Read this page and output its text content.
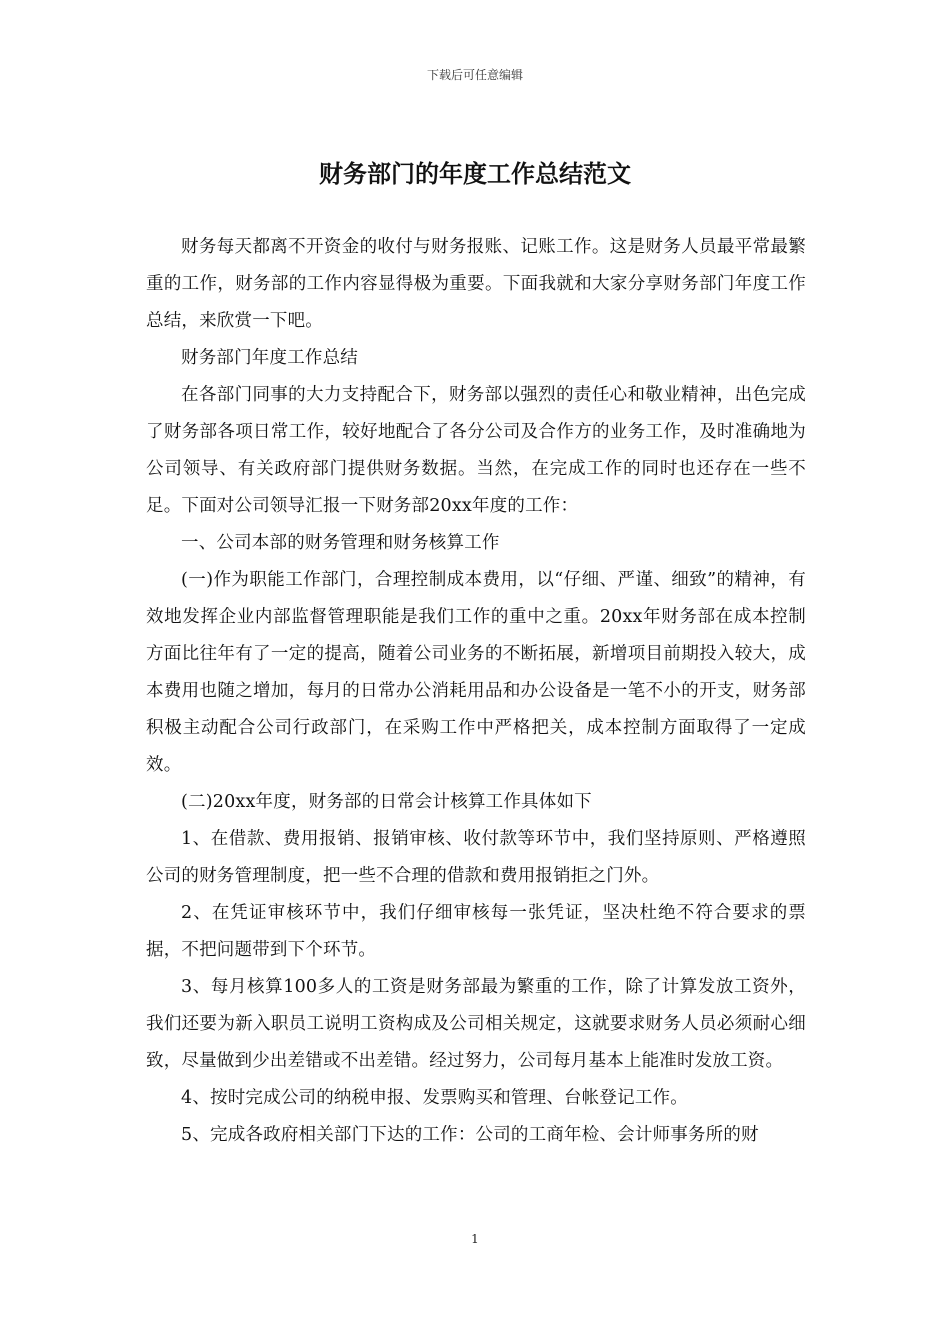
下载后可任意编辑
财务部门的年度工作总结范文

财务每天都离不开资金的收付与财务报账、记账工作。这是财务人员最平常最繁重的工作，财务部的工作内容显得极为重要。下面我就和大家分享财务部门年度工作总结，来欣赏一下吧。

财务部门年度工作总结

在各部门同事的大力支持配合下，财务部以强烈的责任心和敬业精神，出色完成了财务部各项日常工作，较好地配合了各分公司及合作方的业务工作，及时准确地为公司领导、有关政府部门提供财务数据。当然，在完成工作的同时也还存在一些不足。下面对公司领导汇报一下财务部20xx年度的工作：

一、公司本部的财务管理和财务核算工作

(一)作为职能工作部门，合理控制成本费用，以“仔细、严谨、细致”的精神，有效地发挥企业内部监督管理职能是我们工作的重中之重。20xx年财务部在成本控制方面比往年有了一定的提高，随着公司业务的不断拓展，新增项目前期投入较大，成本费用也随之增加，每月的日常办公消耗用品和办公设备是一笔不小的开支，财务部积极主动配合公司行政部门，在采购工作中严格把关，成本控制方面取得了一定成效。

(二)20xx年度，财务部的日常会计核算工作具体如下

1、在借款、费用报销、报销审核、收付款等环节中，我们坚持原则、严格遵照公司的财务管理制度，把一些不合理的借款和费用报销拒之门外。

2、在凭证审核环节中，我们仔细审核每一张凭证，坚决杜绝不符合要求的票据，不把问题带到下个环节。

3、每月核算100多人的工资是财务部最为繁重的工作，除了计算发放工资外，我们还要为新入职员工说明工资构成及公司相关规定，这就要求财务人员必须耐心细致，尽量做到少出差错或不出差错。经过努力，公司每月基本上能准时发放工资。

4、按时完成公司的纳税申报、发票购买和管理、台帐登记工作。

5、完成各政府相关部门下达的工作：公司的工商年检、会计师事务所的财

1
